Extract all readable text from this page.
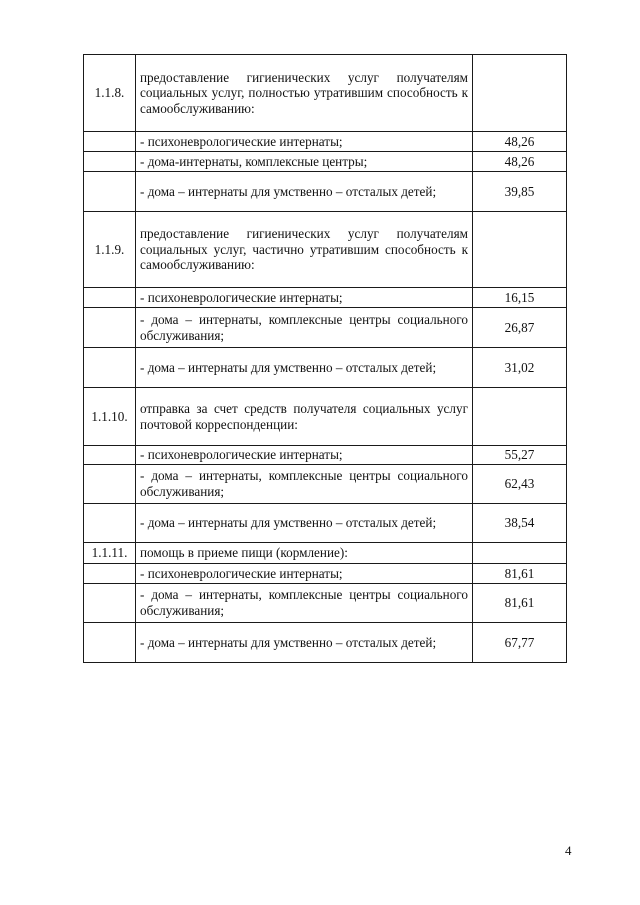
1.1.8.	предоставление гигиенических услуг получателям социальных услуг, полностью утратившим способность к самообслуживанию:	
	- психоневрологические интернаты;	48,26
	- дома-интернаты, комплексные центры;	48,26
	- дома – интернаты для умственно – отсталых детей;	39,85
1.1.9.	предоставление гигиенических услуг получателям социальных услуг, частично утратившим способность к самообслуживанию:	
	- психоневрологические интернаты;	16,15
	- дома – интернаты, комплексные центры социального обслуживания;	26,87
	- дома – интернаты для умственно – отсталых детей;	31,02
1.1.10.	отправка за счет средств получателя социальных услуг почтовой корреспонденции:	
	- психоневрологические интернаты;	55,27
	- дома – интернаты, комплексные центры социального обслуживания;	62,43
	- дома – интернаты для умственно – отсталых детей;	38,54
1.1.11.	помощь в приеме пищи (кормление):	
	- психоневрологические интернаты;	81,61
	- дома – интернаты, комплексные центры социального обслуживания;	81,61
	- дома – интернаты для умственно – отсталых детей;	67,77
4
